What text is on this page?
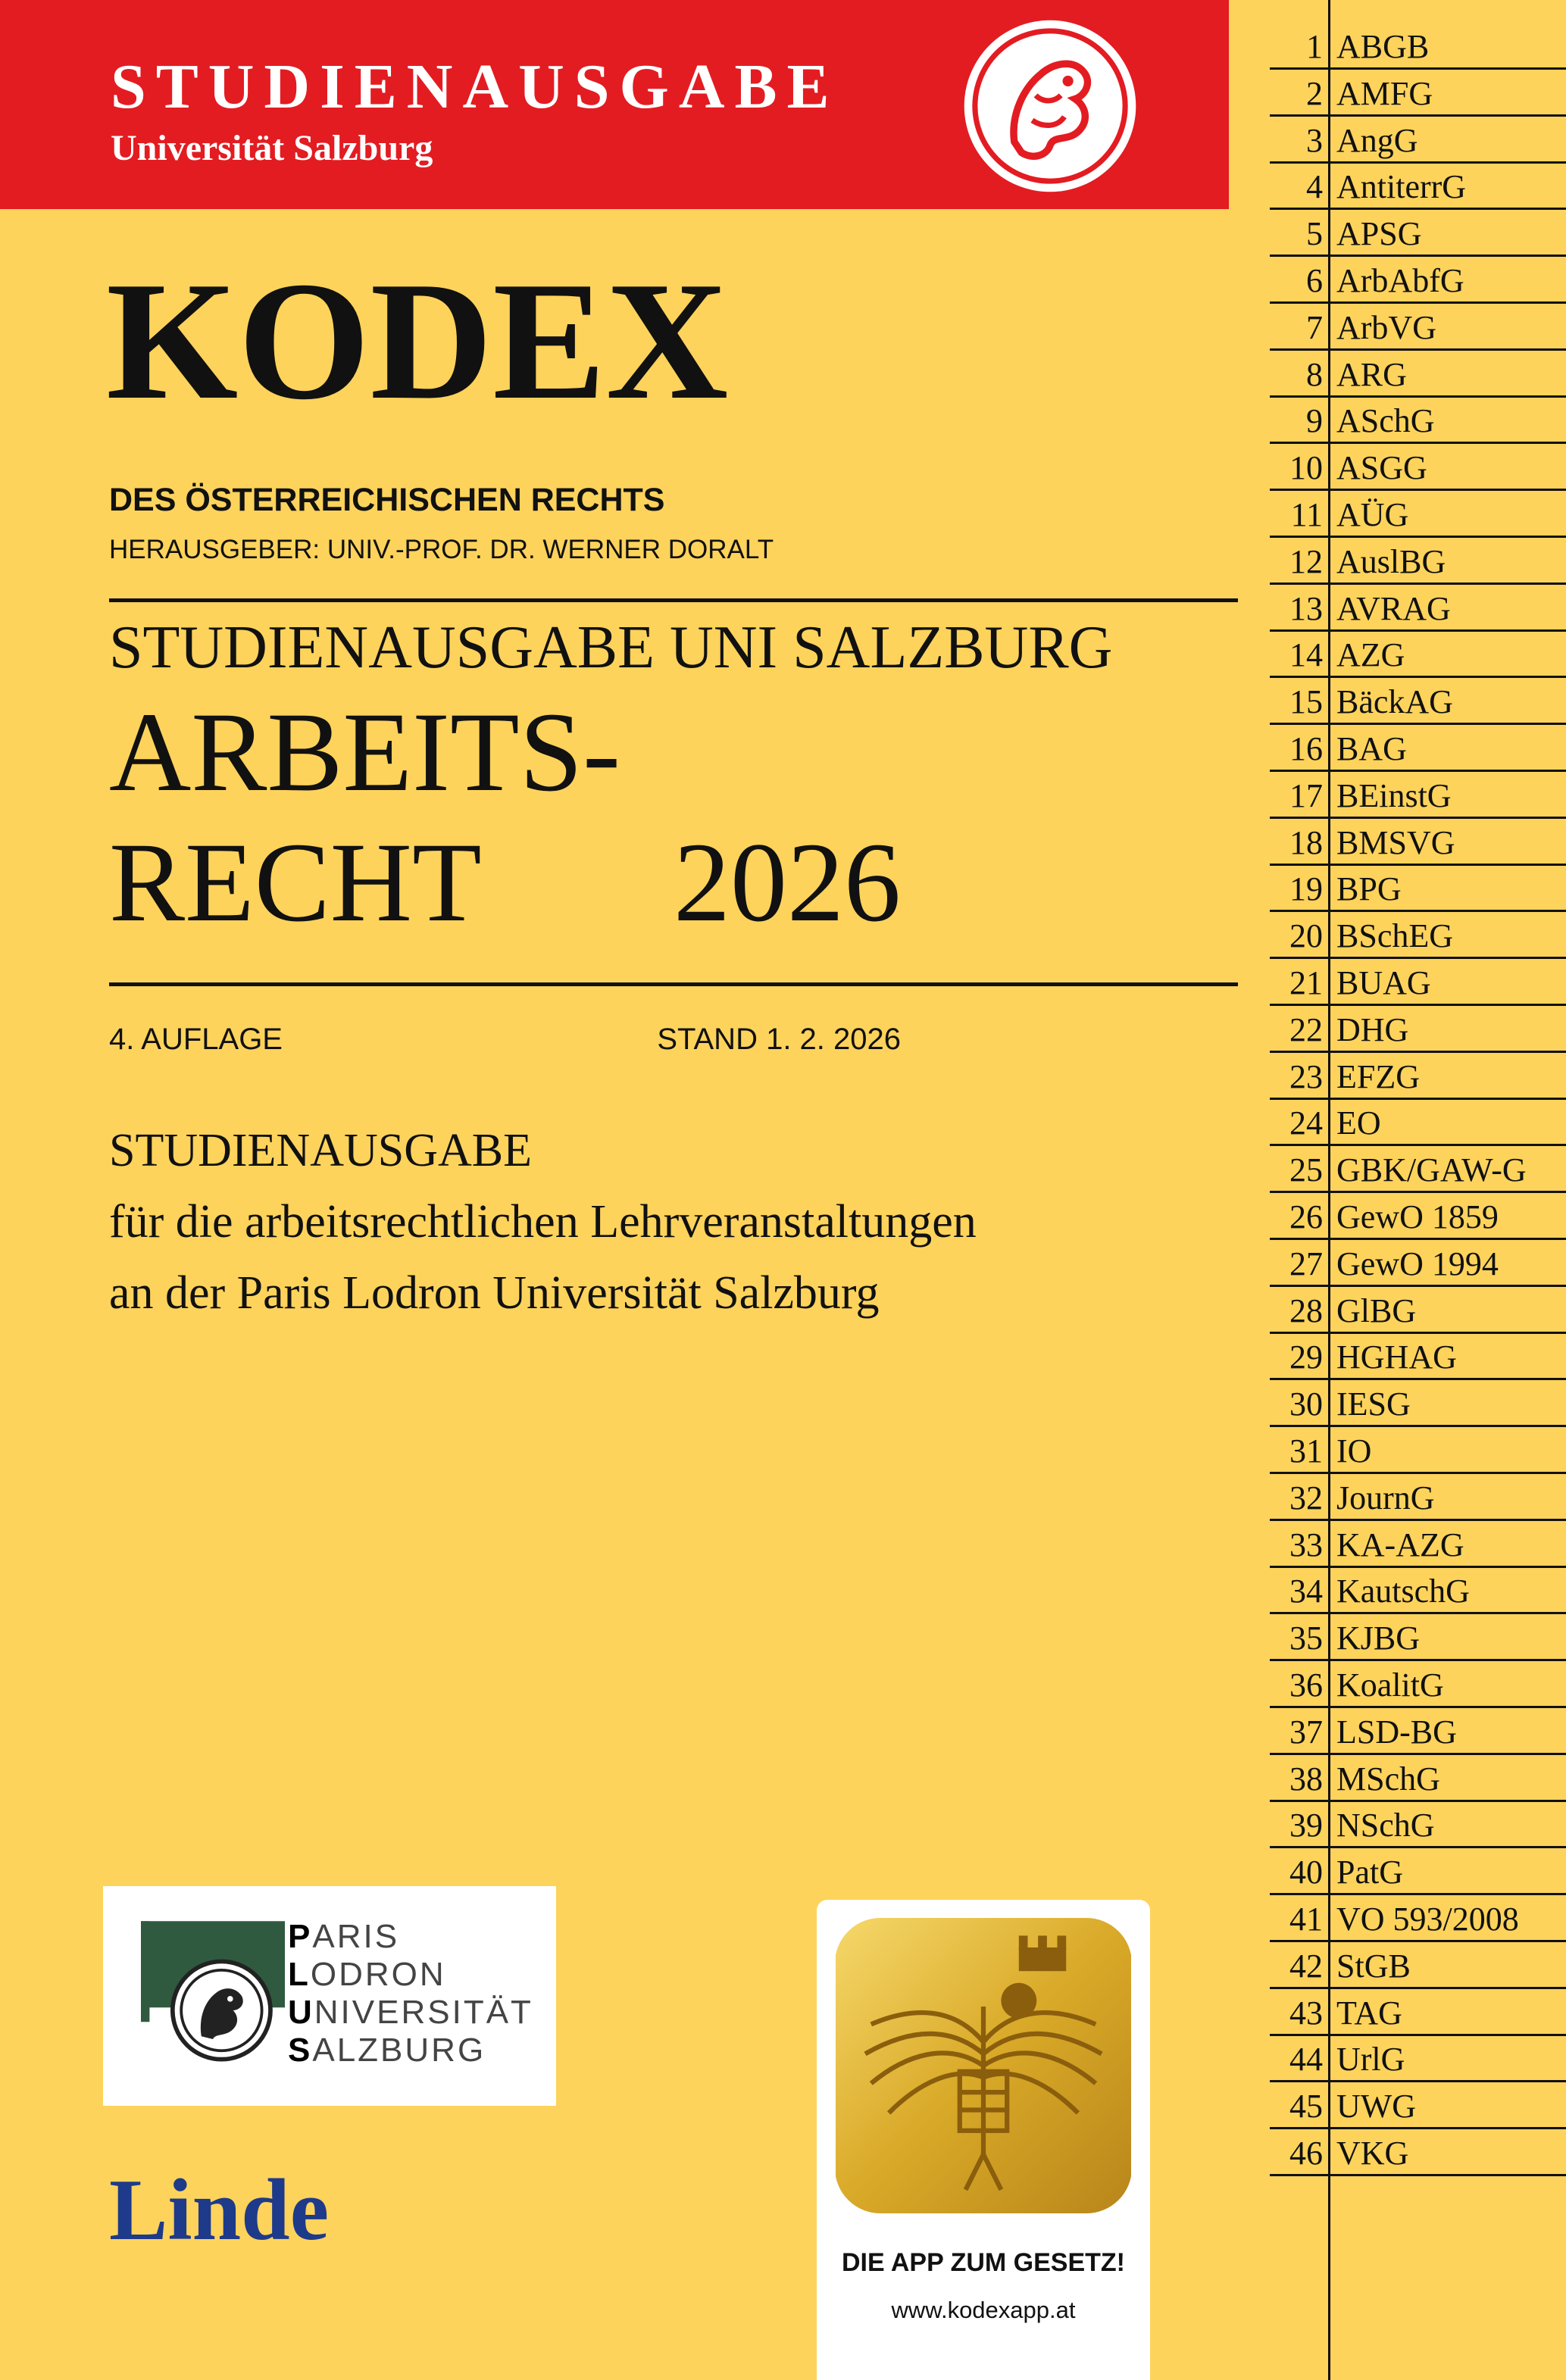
STUDIENAUSGABE
Universität Salzburg
KODEX
DES ÖSTERREICHISCHEN RECHTS
HERAUSGEBER: UNIV.-PROF. DR. WERNER DORALT
STUDIENAUSGABE UNI SALZBURG
ARBEITS-
RECHT 2026
4. AUFLAGE	STAND 1. 2. 2026
STUDIENAUSGABE
für die arbeitsrechtlichen Lehrveranstaltungen
an der Paris Lodron Universität Salzburg
PARIS
LODRON
UNIVERSITÄT
SALZBURG
Linde
DIE APP ZUM GESETZ!
www.kodexapp.at
1 ABGB
2 AMFG
3 AngG
4 AntiterrG
5 APSG
6 ArbAbfG
7 ArbVG
8 ARG
9 ASchG
10 ASGG
11 AÜG
12 AuslBG
13 AVRAG
14 AZG
15 BäckAG
16 BAG
17 BEinstG
18 BMSVG
19 BPG
20 BSchEG
21 BUAG
22 DHG
23 EFZG
24 EO
25 GBK/GAW-G
26 GewO 1859
27 GewO 1994
28 GlBG
29 HGHAG
30 IESG
31 IO
32 JournG
33 KA-AZG
34 KautschG
35 KJBG
36 KoalitG
37 LSD-BG
38 MSchG
39 NSchG
40 PatG
41 VO 593/2008
42 StGB
43 TAG
44 UrlG
45 UWG
46 VKG
